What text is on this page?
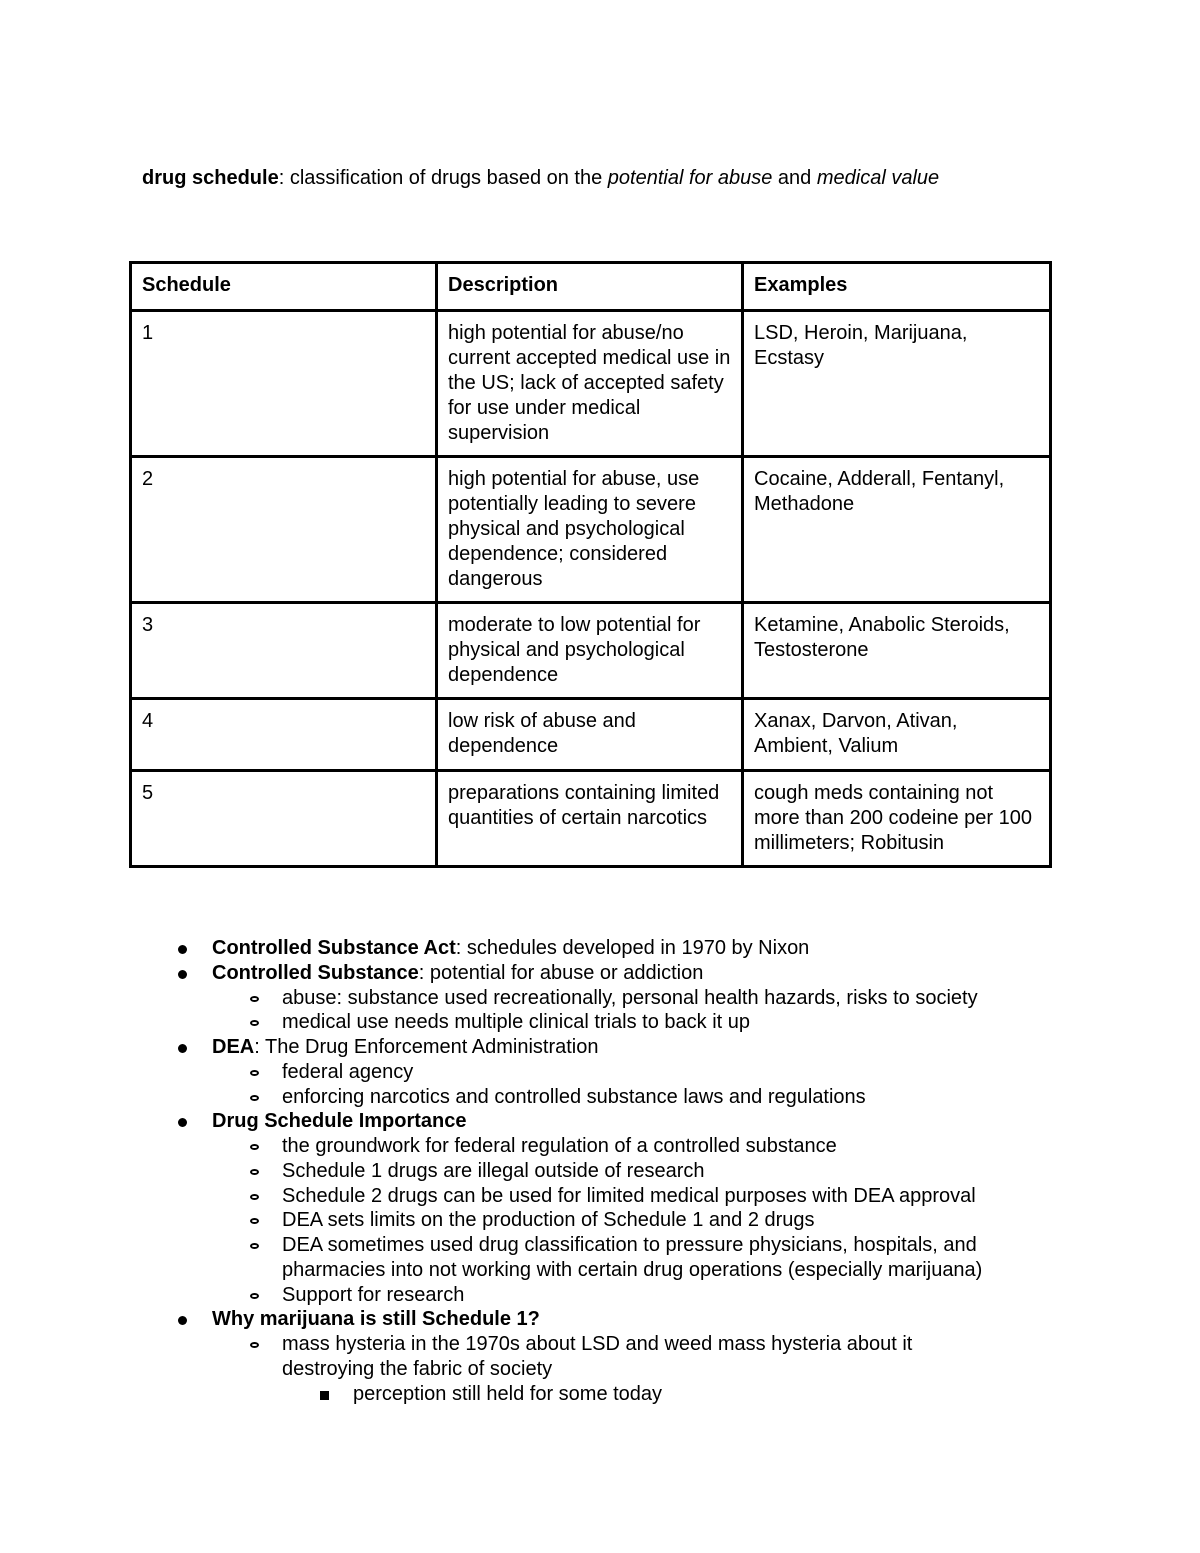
drug schedule: classification of drugs based on the potential for abuse and medical value
Schedule	Description	Examples
1	high potential for abuse/no current accepted medical use in the US; lack of accepted safety for use under medical supervision	LSD, Heroin, Marijuana, Ecstasy
2	high potential for abuse, use potentially leading to severe physical and psychological dependence; considered dangerous	Cocaine, Adderall, Fentanyl, Methadone
3	moderate to low potential for physical and psychological dependence	Ketamine, Anabolic Steroids, Testosterone
4	low risk of abuse and dependence	Xanax, Darvon, Ativan, Ambient, Valium
5	preparations containing limited quantities of certain narcotics	cough meds containing not more than 200 codeine per 100 millimeters; Robitusin
Controlled Substance Act: schedules developed in 1970 by Nixon
Controlled Substance: potential for abuse or addiction
abuse: substance used recreationally, personal health hazards, risks to society
medical use needs multiple clinical trials to back it up
DEA: The Drug Enforcement Administration
federal agency
enforcing narcotics and controlled substance laws and regulations
Drug Schedule Importance
the groundwork for federal regulation of a controlled substance
Schedule 1 drugs are illegal outside of research
Schedule 2 drugs can be used for limited medical purposes with DEA approval
DEA sets limits on the production of Schedule 1 and 2 drugs
DEA sometimes used drug classification to pressure physicians, hospitals, and
pharmacies into not working with certain drug operations (especially marijuana)
Support for research
Why marijuana is still Schedule 1?
mass hysteria in the 1970s about LSD and weed mass hysteria about it
destroying the fabric of society
perception still held for some today
